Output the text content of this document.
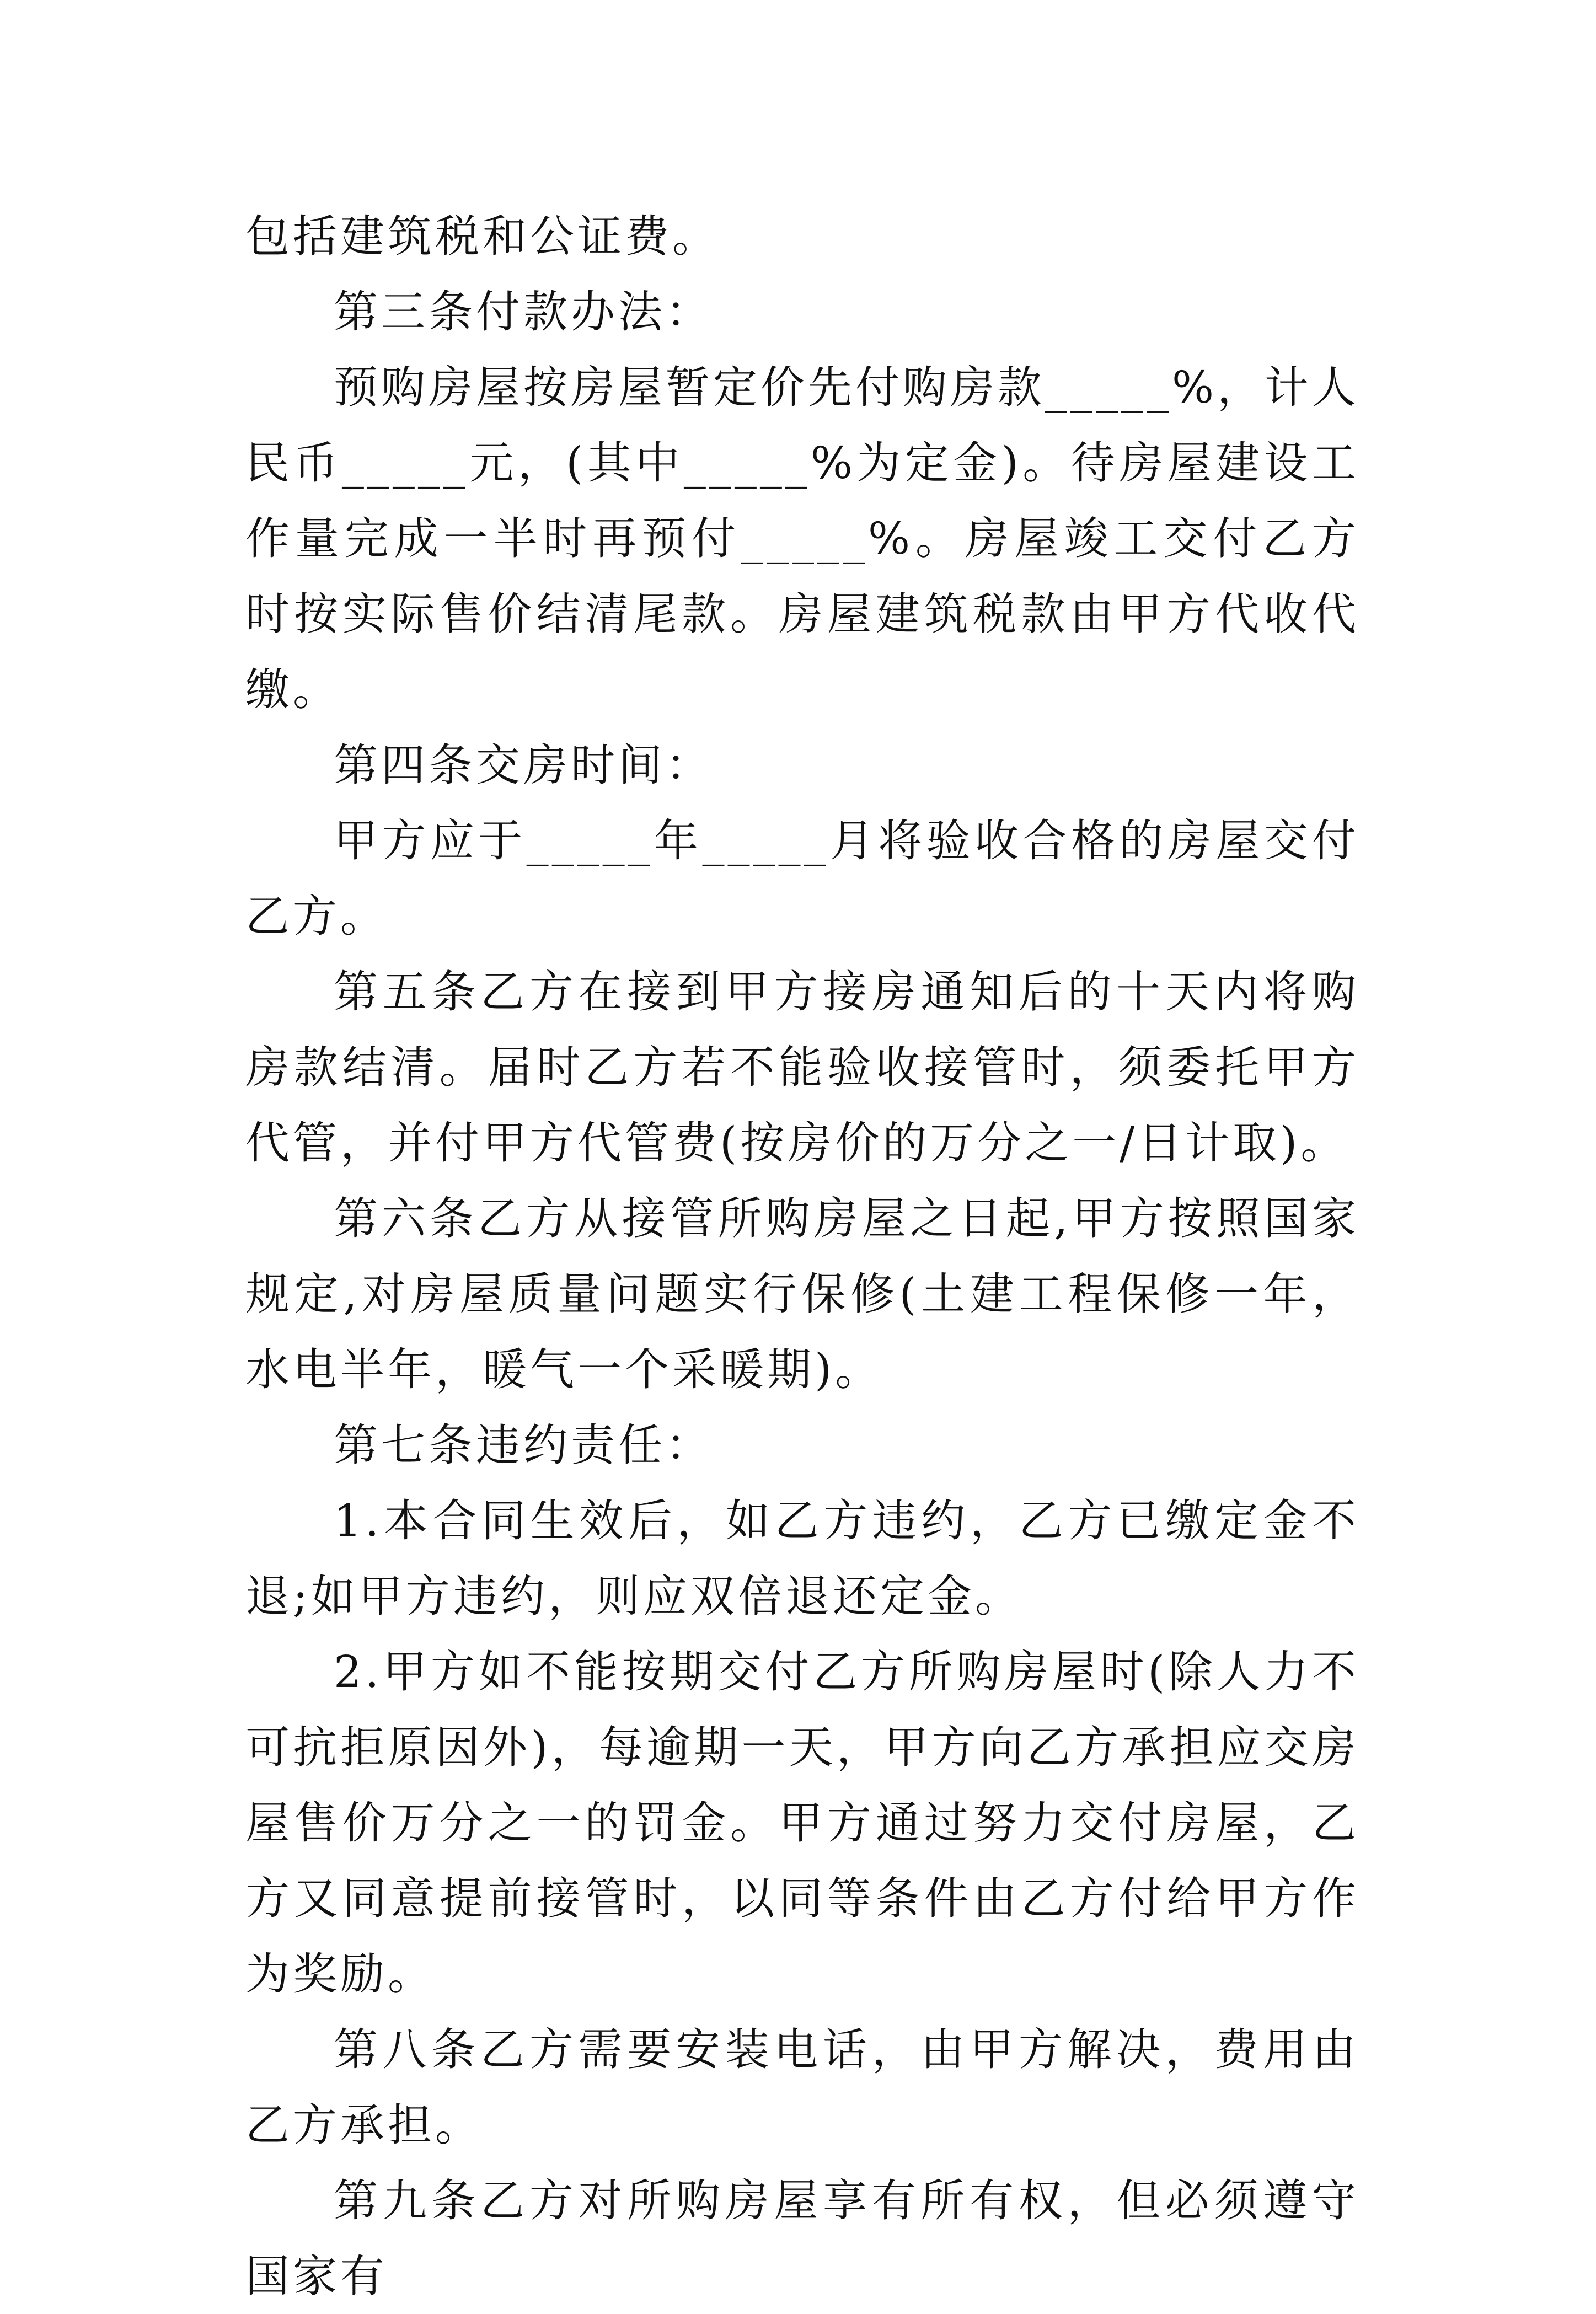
包括建筑税和公证费。

第三条付款办法：

预购房屋按房屋暂定价先付购房款_____%，计人民币_____元，(其中_____%为定金)。待房屋建设工作量完成一半时再预付_____%。房屋竣工交付乙方时按实际售价结清尾款。房屋建筑税款由甲方代收代缴。

第四条交房时间：

甲方应于_____年_____月将验收合格的房屋交付乙方。

第五条乙方在接到甲方接房通知后的十天内将购房款结清。届时乙方若不能验收接管时，须委托甲方代管，并付甲方代管费(按房价的万分之一/日计取)。

第六条乙方从接管所购房屋之日起,甲方按照国家规定,对房屋质量问题实行保修(土建工程保修一年，水电半年，暖气一个采暖期)。

第七条违约责任：

1.本合同生效后，如乙方违约，乙方已缴定金不退;如甲方违约，则应双倍退还定金。

2.甲方如不能按期交付乙方所购房屋时(除人力不可抗拒原因外)，每逾期一天，甲方向乙方承担应交房屋售价万分之一的罚金。甲方通过努力交付房屋，乙方又同意提前接管时，以同等条件由乙方付给甲方作为奖励。

第八条乙方需要安装电话，由甲方解决，费用由乙方承担。

第九条乙方对所购房屋享有所有权，但必须遵守国家有
